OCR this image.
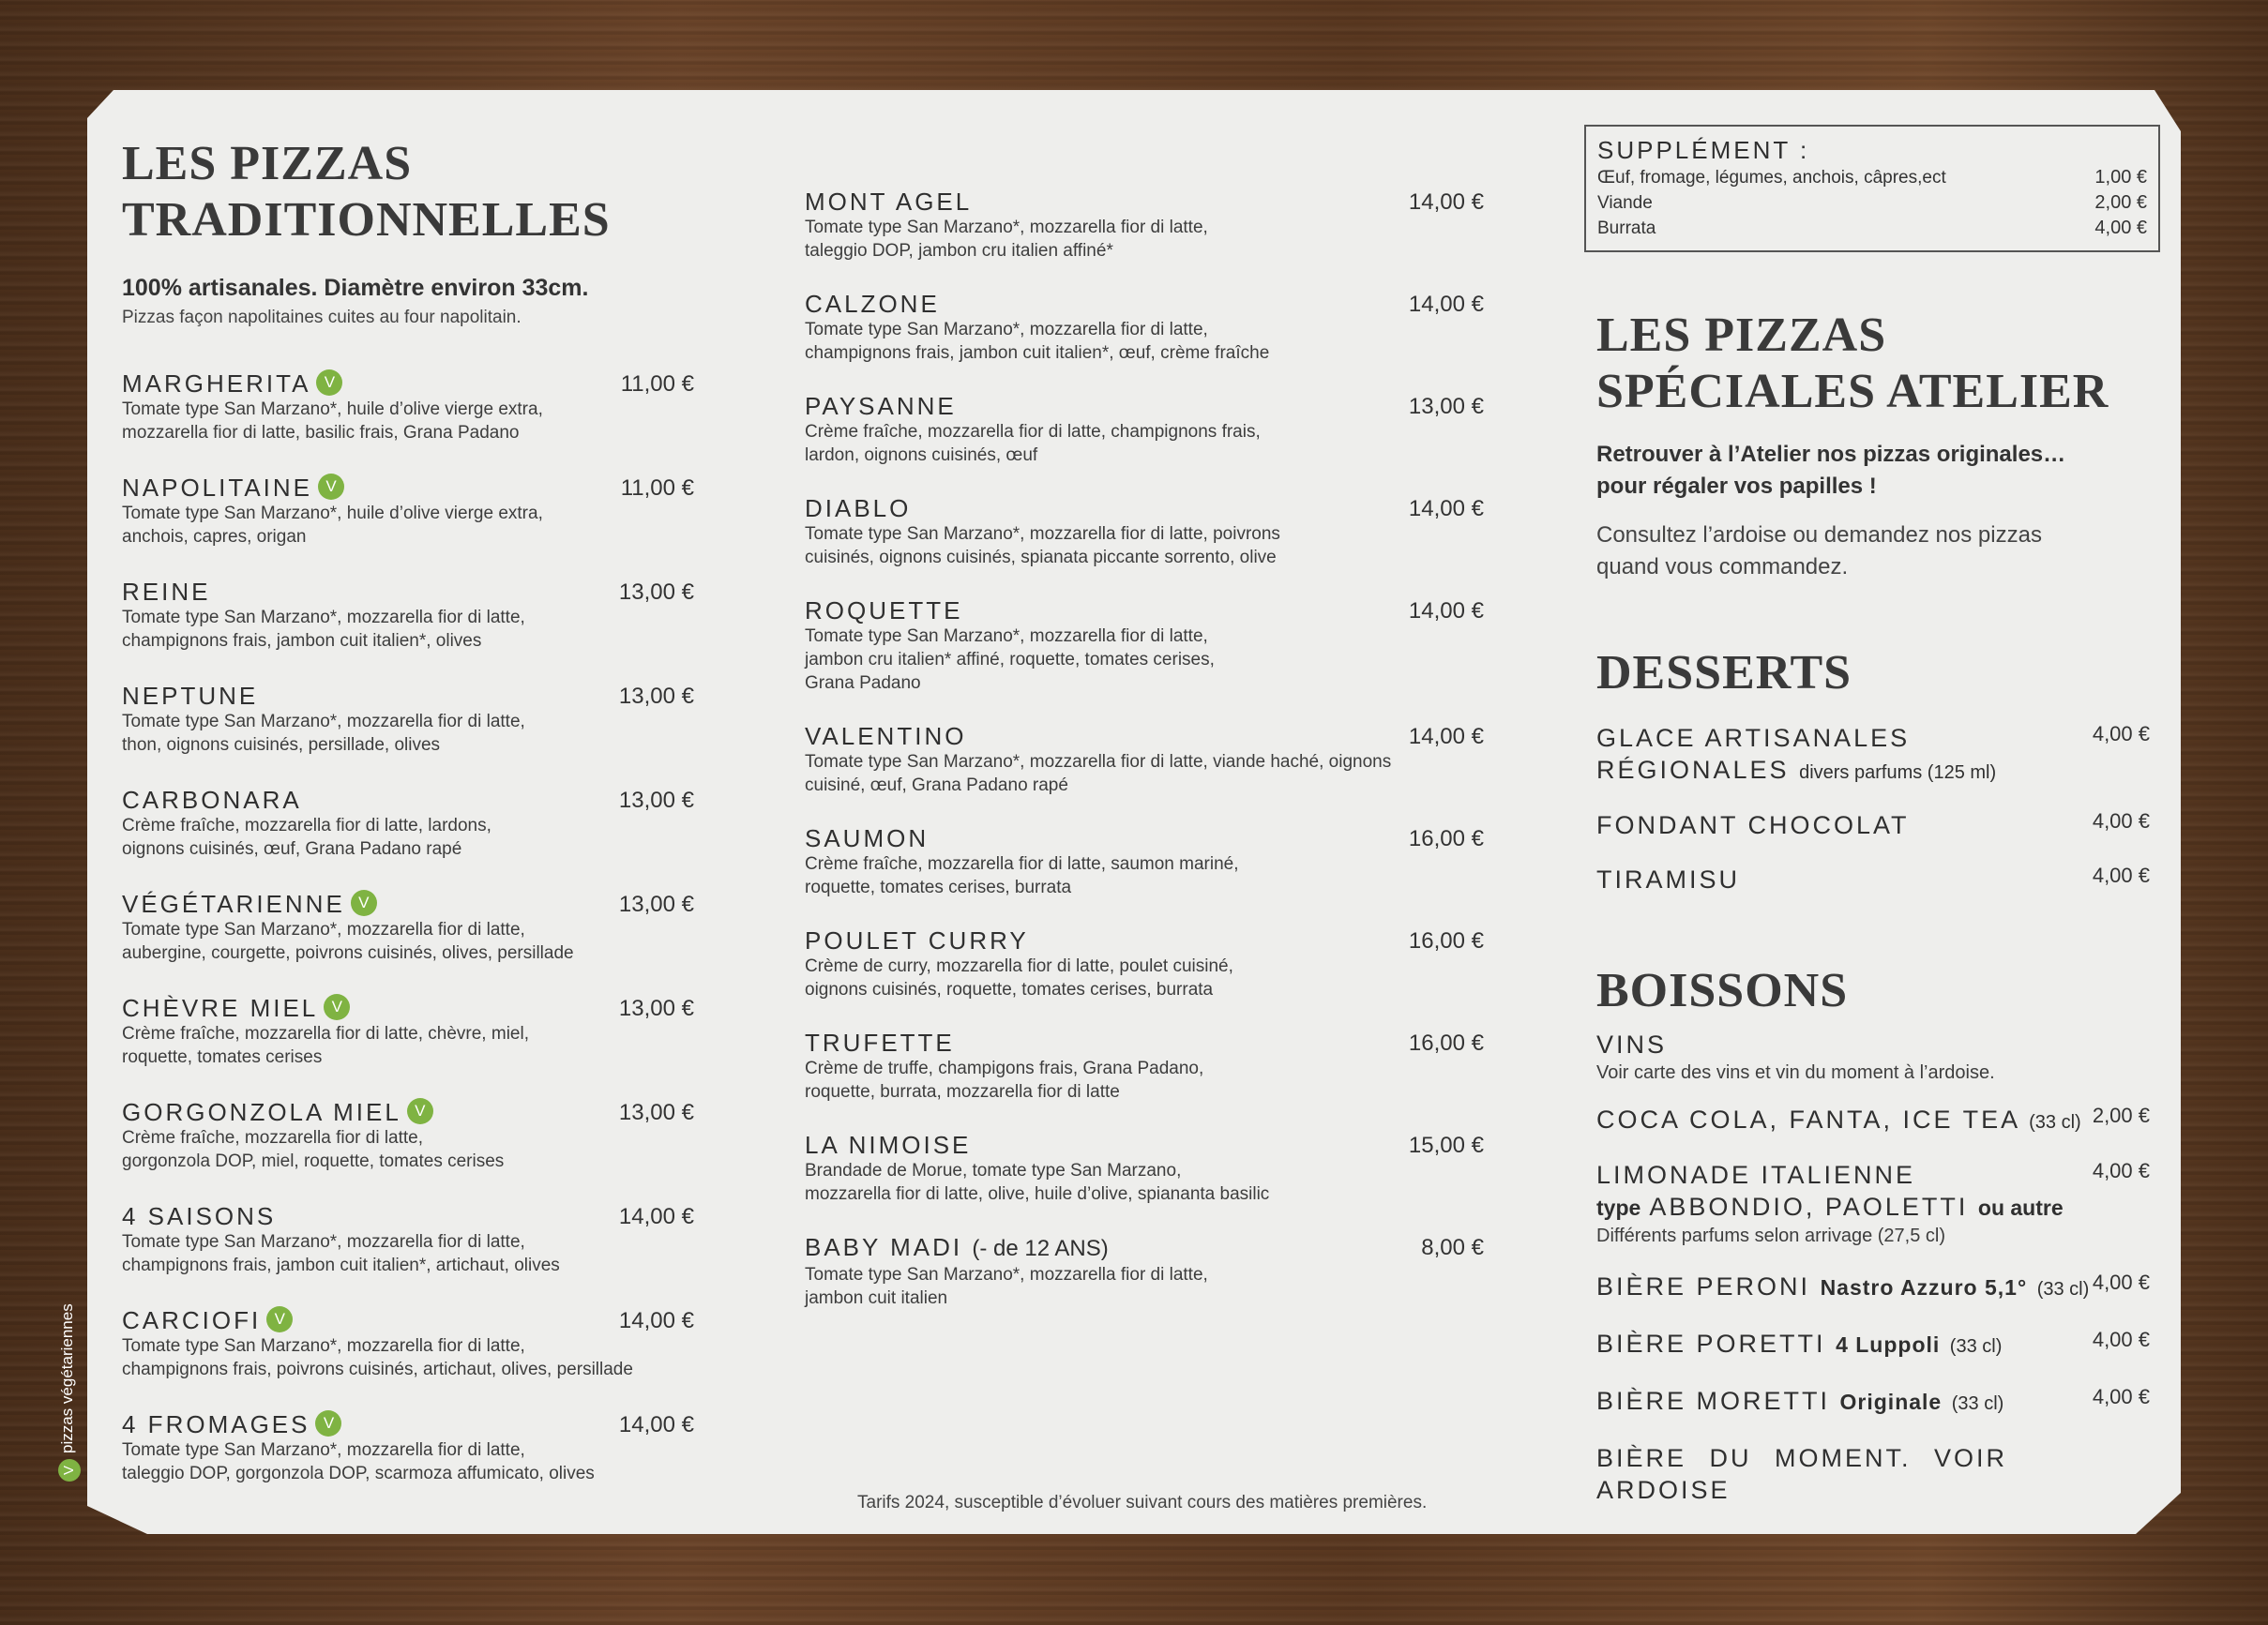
LES PIZZAS
TRADITIONNELLES
100% artisanales. Diamètre environ 33cm.
Pizzas façon napolitaines cuites au four napolitain.
MARGHERITA V	11,00 €
Tomate type San Marzano*, huile d’olive vierge extra,
mozzarella fior di latte, basilic frais, Grana Padano
NAPOLITAINE V	11,00 €
Tomate type San Marzano*, huile d’olive vierge extra,
anchois, capres, origan
REINE	13,00 €
Tomate type San Marzano*, mozzarella fior di latte,
champignons frais, jambon cuit italien*, olives
NEPTUNE	13,00 €
Tomate type San Marzano*, mozzarella fior di latte,
thon, oignons cuisinés, persillade, olives
CARBONARA	13,00 €
Crème fraîche, mozzarella fior di latte, lardons,
oignons cuisinés, œuf, Grana Padano rapé
VÉGÉTARIENNE V	13,00 €
Tomate type San Marzano*, mozzarella fior di latte,
aubergine, courgette, poivrons cuisinés, olives, persillade
CHÈVRE MIEL V	13,00 €
Crème fraîche, mozzarella fior di latte, chèvre, miel,
roquette, tomates cerises
GORGONZOLA MIEL V	13,00 €
Crème fraîche, mozzarella fior di latte,
gorgonzola DOP, miel, roquette, tomates cerises
4 SAISONS	14,00 €
Tomate type San Marzano*, mozzarella fior di latte,
champignons frais, jambon cuit italien*, artichaut, olives
CARCIOFI V	14,00 €
Tomate type San Marzano*, mozzarella fior di latte,
champignons frais, poivrons cuisinés, artichaut, olives, persillade
4 FROMAGES V	14,00 €
Tomate type San Marzano*, mozzarella fior di latte,
taleggio DOP, gorgonzola DOP, scarmoza affumicato, olives
MONT AGEL	14,00 €
Tomate type San Marzano*, mozzarella fior di latte,
taleggio DOP, jambon cru italien affiné*
CALZONE	14,00 €
Tomate type San Marzano*, mozzarella fior di latte,
champignons frais, jambon cuit italien*, œuf, crème fraîche
PAYSANNE	13,00 €
Crème fraîche, mozzarella fior di latte, champignons frais,
lardon, oignons cuisinés, œuf
DIABLO	14,00 €
Tomate type San Marzano*, mozzarella fior di latte, poivrons
cuisinés, oignons cuisinés, spianata piccante sorrento, olive
ROQUETTE	14,00 €
Tomate type San Marzano*, mozzarella fior di latte,
jambon cru italien* affiné, roquette, tomates cerises,
Grana Padano
VALENTINO	14,00 €
Tomate type San Marzano*, mozzarella fior di latte, viande haché, oignons
cuisiné, œuf, Grana Padano rapé
SAUMON	16,00 €
Crème fraîche, mozzarella fior di latte, saumon mariné,
roquette, tomates cerises, burrata
POULET CURRY	16,00 €
Crème de curry, mozzarella fior di latte, poulet cuisiné,
oignons cuisinés, roquette, tomates cerises, burrata
TRUFETTE	16,00 €
Crème de truffe, champigons frais, Grana Padano,
roquette, burrata, mozzarella fior di latte
LA NIMOISE	15,00 €
Brandade de Morue, tomate type San Marzano,
mozzarella fior di latte, olive, huile d’olive, spiananta basilic
BABY MADI (- de 12 ANS)	8,00 €
Tomate type San Marzano*, mozzarella fior di latte,
jambon cuit italien
Tarifs 2024, susceptible d’évoluer suivant cours des matières premières.
SUPPLÉMENT :
Œuf, fromage, légumes, anchois, câpres,ect	1,00 €
Viande	2,00 €
Burrata	4,00 €
LES PIZZAS
SPÉCIALES ATELIER
Retrouver à l’Atelier nos pizzas originales…
pour régaler vos papilles !
Consultez l’ardoise ou demandez nos pizzas
quand vous commandez.
DESSERTS
GLACE ARTISANALES
RÉGIONALES divers parfums (125 ml)
4,00 €
FONDANT CHOCOLAT	4,00 €
TIRAMISU	4,00 €
BOISSONS
VINS
Voir carte des vins et vin du moment à l’ardoise.
COCA COLA, FANTA, ICE TEA (33 cl) 2,00 €
LIMONADE ITALIENNE
type ABBONDIO, PAOLETTI ou autre
Différents parfums selon arrivage (27,5 cl)
4,00 €
BIÈRE PERONI Nastro Azzuro 5,1° (33 cl) 4,00 €
BIÈRE PORETTI 4 Luppoli (33 cl)	4,00 €
BIÈRE MORETTI Originale (33 cl)	4,00 €
BIÈRE DU MOMENT. VOIR ARDOISE
Vpizzas végétariennes
